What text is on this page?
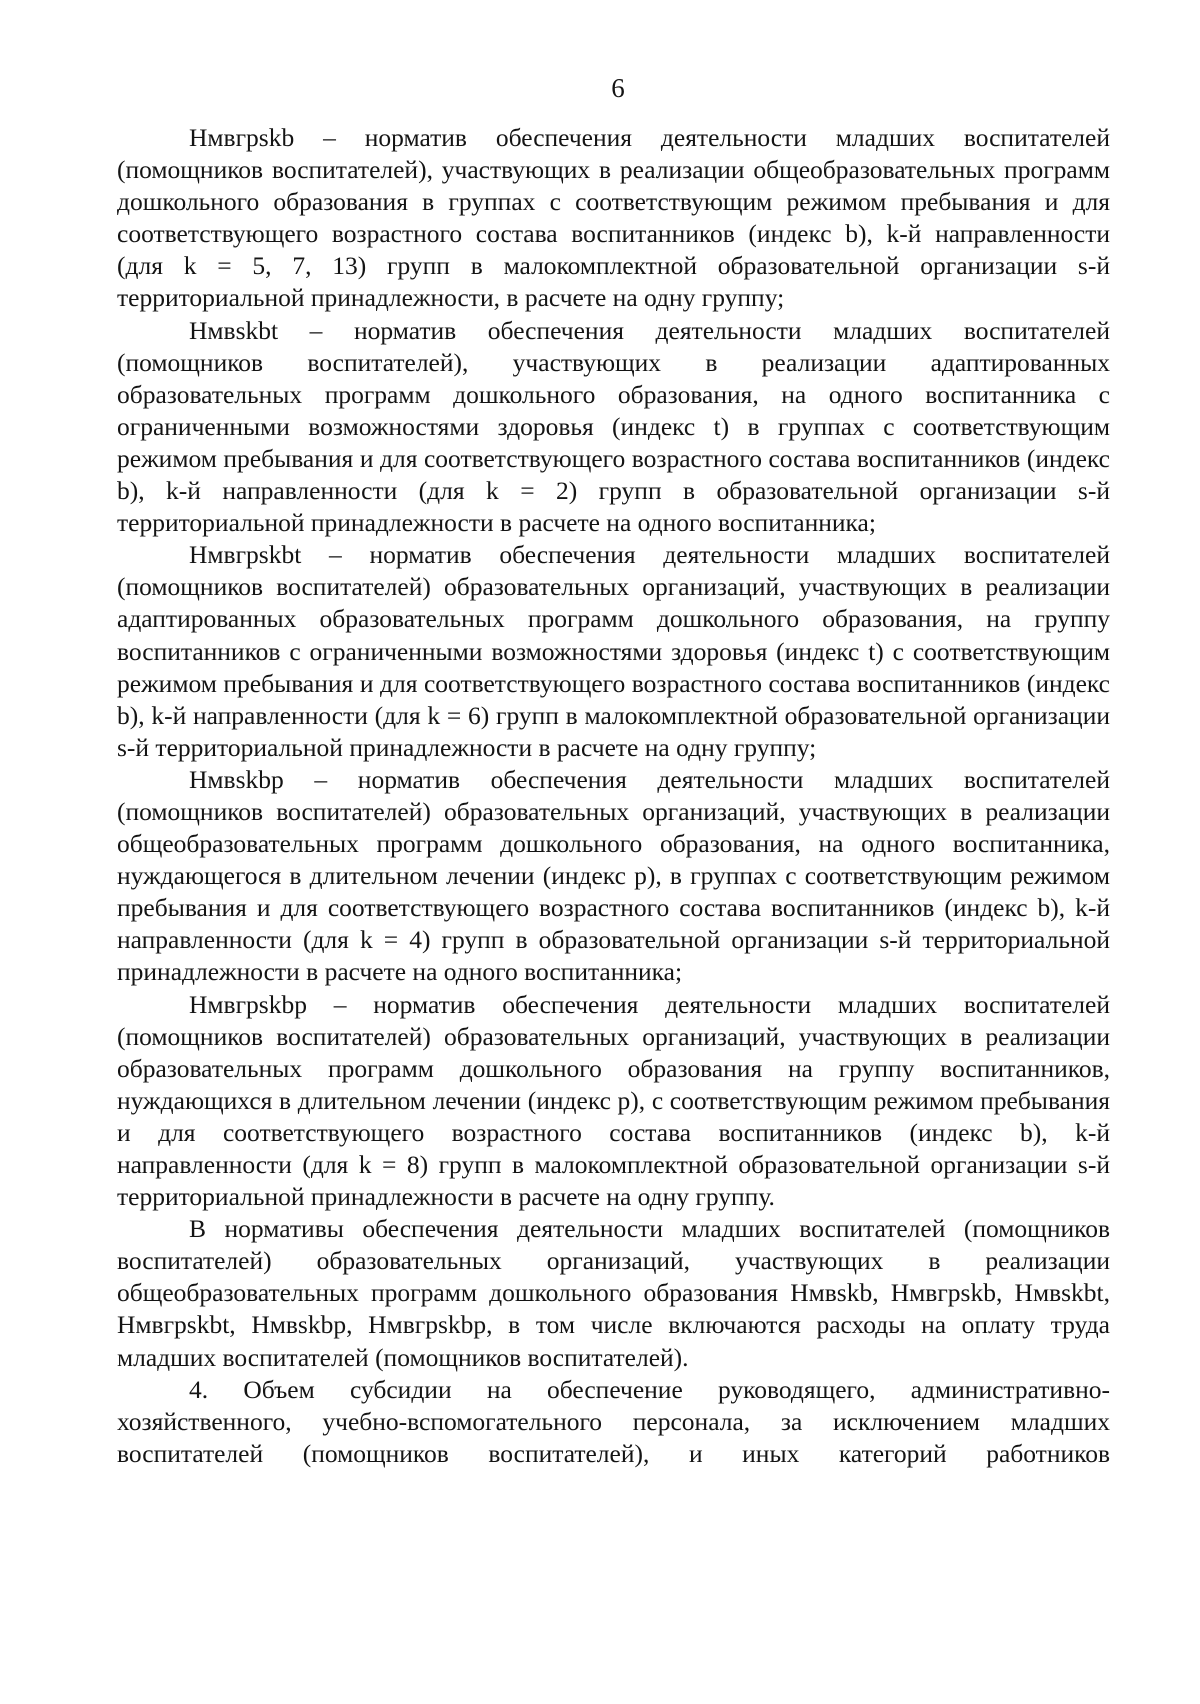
6

Нмвгрskb – норматив обеспечения деятельности младших воспитателей (помощников воспитателей), участвующих в реализации общеобразовательных программ дошкольного образования в группах с соответствующим режимом пребывания и для соответствующего возрастного состава воспитанников (индекс b), k-й направленности (для k = 5, 7, 13) групп в малокомплектной образовательной организации s-й территориальной принадлежности, в расчете на одну группу;

Нмвskbt – норматив обеспечения деятельности младших воспитателей (помощников воспитателей), участвующих в реализации адаптированных образовательных программ дошкольного образования, на одного воспитанника с ограниченными возможностями здоровья (индекс t) в группах с соответствующим режимом пребывания и для соответствующего возрастного состава воспитанников (индекс b), k-й направленности (для k = 2) групп в образовательной организации s-й территориальной принадлежности в расчете на одного воспитанника;

Нмвгрskbt – норматив обеспечения деятельности младших воспитателей (помощников воспитателей) образовательных организаций, участвующих в реализации адаптированных образовательных программ дошкольного образования, на группу воспитанников с ограниченными возможностями здоровья (индекс t) с соответствующим режимом пребывания и для соответствующего возрастного состава воспитанников (индекс b), k-й направленности (для k = 6) групп в малокомплектной образовательной организации s-й территориальной принадлежности в расчете на одну группу;

Нмвskbp – норматив обеспечения деятельности младших воспитателей (помощников воспитателей) образовательных организаций, участвующих в реализации общеобразовательных программ дошкольного образования, на одного воспитанника, нуждающегося в длительном лечении (индекс p), в группах с соответствующим режимом пребывания и для соответствующего возрастного состава воспитанников (индекс b), k-й направленности (для k = 4) групп в образовательной организации s-й территориальной принадлежности в расчете на одного воспитанника;

Нмвгрskbp – норматив обеспечения деятельности младших воспитателей (помощников воспитателей) образовательных организаций, участвующих в реализации образовательных программ дошкольного образования на группу воспитанников, нуждающихся в длительном лечении (индекс p), с соответствующим режимом пребывания и для соответствующего возрастного состава воспитанников (индекс b), k-й направленности (для k = 8) групп в малокомплектной образовательной организации s-й территориальной принадлежности в расчете на одну группу.

В нормативы обеспечения деятельности младших воспитателей (помощников воспитателей) образовательных организаций, участвующих в реализации общеобразовательных программ дошкольного образования Нмвskb, Нмвгрskb, Нмвskbt, Нмвгрskbt, Нмвskbp, Нмвгрskbp, в том числе включаются расходы на оплату труда младших воспитателей (помощников воспитателей).

4. Объем субсидии на обеспечение руководящего, административно-хозяйственного, учебно-вспомогательного персонала, за исключением младших воспитателей (помощников воспитателей), и иных категорий работников
